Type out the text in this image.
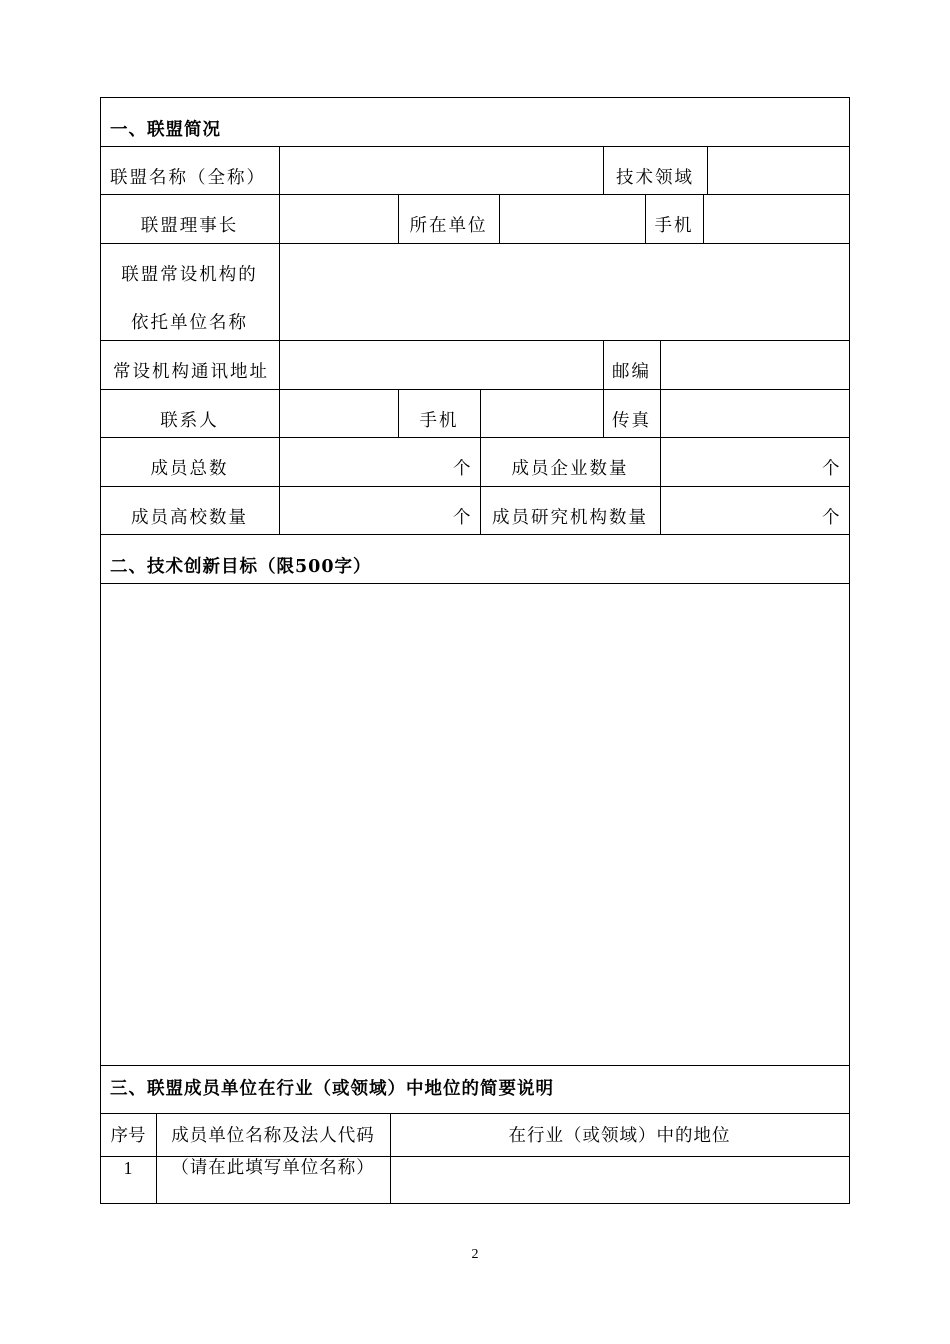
一、联盟简况
联盟名称（全称）	技术领域
联盟理事长	所在单位	手机
联盟常设机构的
依托单位名称
常设机构通讯地址	邮编
联系人	手机	传真
成员总数	个	成员企业数量	个
成员高校数量	个	成员研究机构数量	个
二、技术创新目标（限500字）
三、联盟成员单位在行业（或领域）中地位的简要说明
序号	成员单位名称及法人代码	在行业（或领域）中的地位
1	（请在此填写单位名称）
2
